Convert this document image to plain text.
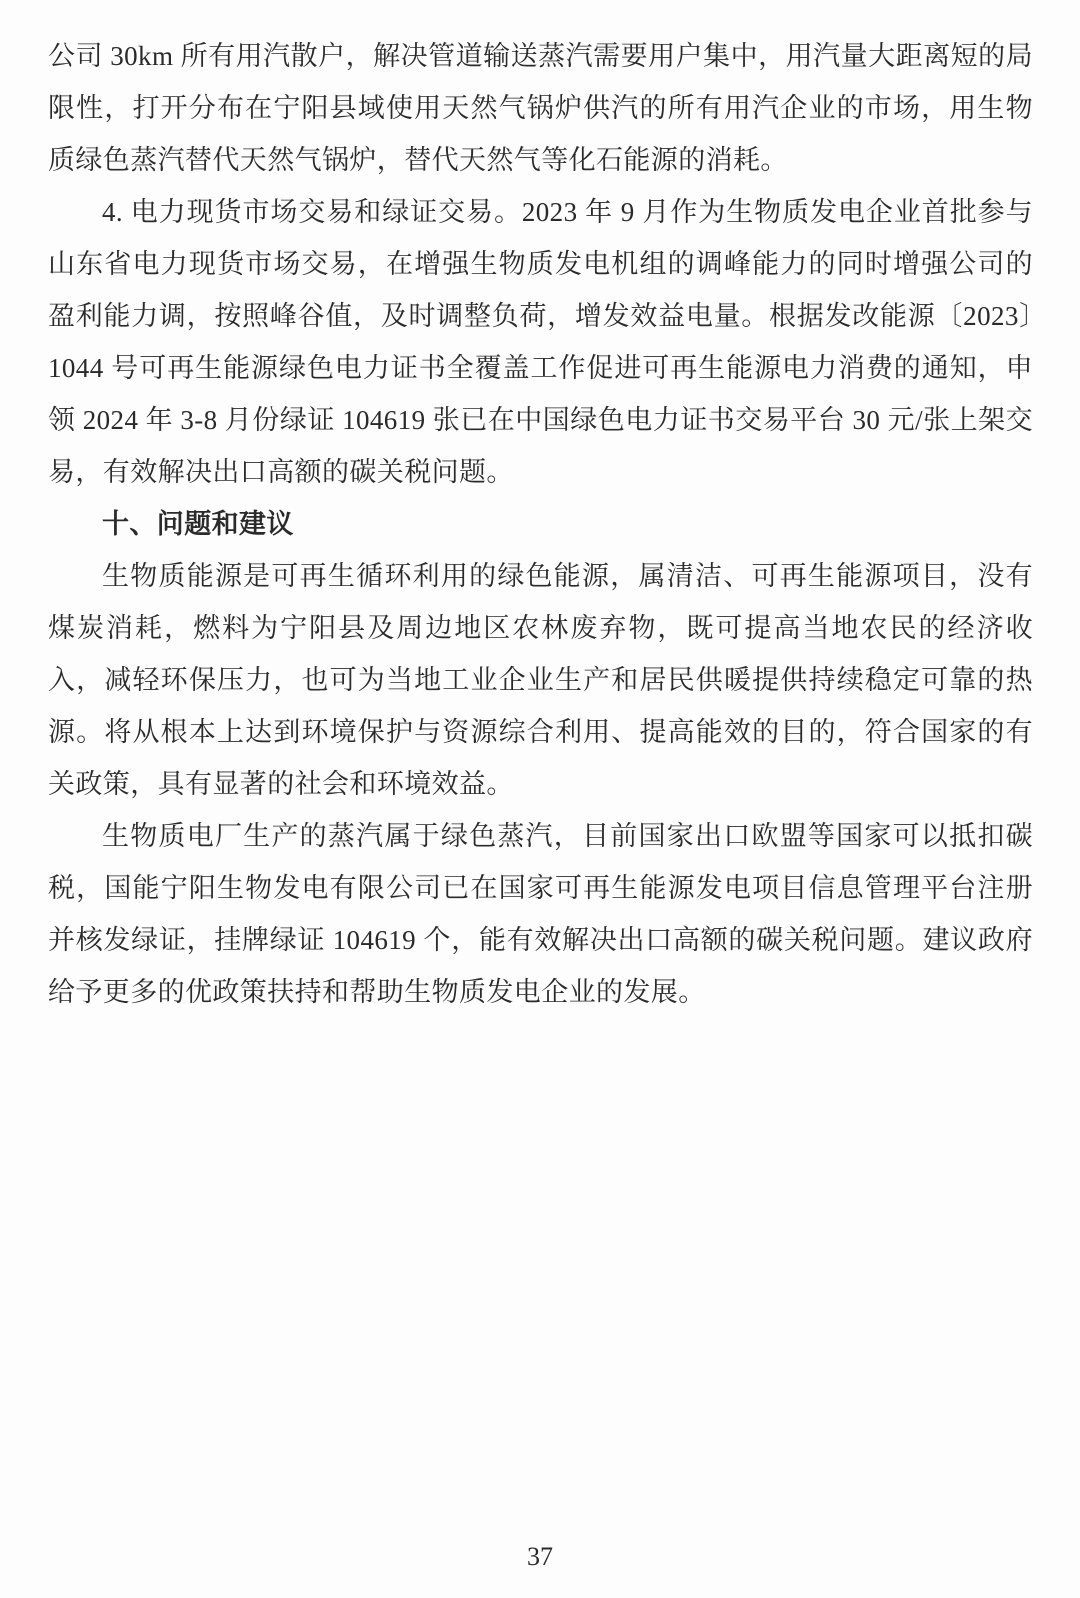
公司 30km 所有用汽散户，解决管道输送蒸汽需要用户集中，用汽量大距离短的局限性，打开分布在宁阳县域使用天然气锅炉供汽的所有用汽企业的市场，用生物质绿色蒸汽替代天然气锅炉，替代天然气等化石能源的消耗。

4. 电力现货市场交易和绿证交易。2023 年 9 月作为生物质发电企业首批参与山东省电力现货市场交易，在增强生物质发电机组的调峰能力的同时增强公司的盈利能力调，按照峰谷值，及时调整负荷，增发效益电量。根据发改能源〔2023〕1044 号可再生能源绿色电力证书全覆盖工作促进可再生能源电力消费的通知，申领 2024 年 3-8 月份绿证 104619 张已在中国绿色电力证书交易平台 30 元/张上架交易，有效解决出口高额的碳关税问题。

十、问题和建议

生物质能源是可再生循环利用的绿色能源，属清洁、可再生能源项目，没有煤炭消耗，燃料为宁阳县及周边地区农林废弃物，既可提高当地农民的经济收入，减轻环保压力，也可为当地工业企业生产和居民供暖提供持续稳定可靠的热源。将从根本上达到环境保护与资源综合利用、提高能效的目的，符合国家的有关政策，具有显著的社会和环境效益。

生物质电厂生产的蒸汽属于绿色蒸汽，目前国家出口欧盟等国家可以抵扣碳税，国能宁阳生物发电有限公司已在国家可再生能源发电项目信息管理平台注册并核发绿证，挂牌绿证 104619 个，能有效解决出口高额的碳关税问题。建议政府给予更多的优政策扶持和帮助生物质发电企业的发展。

37
